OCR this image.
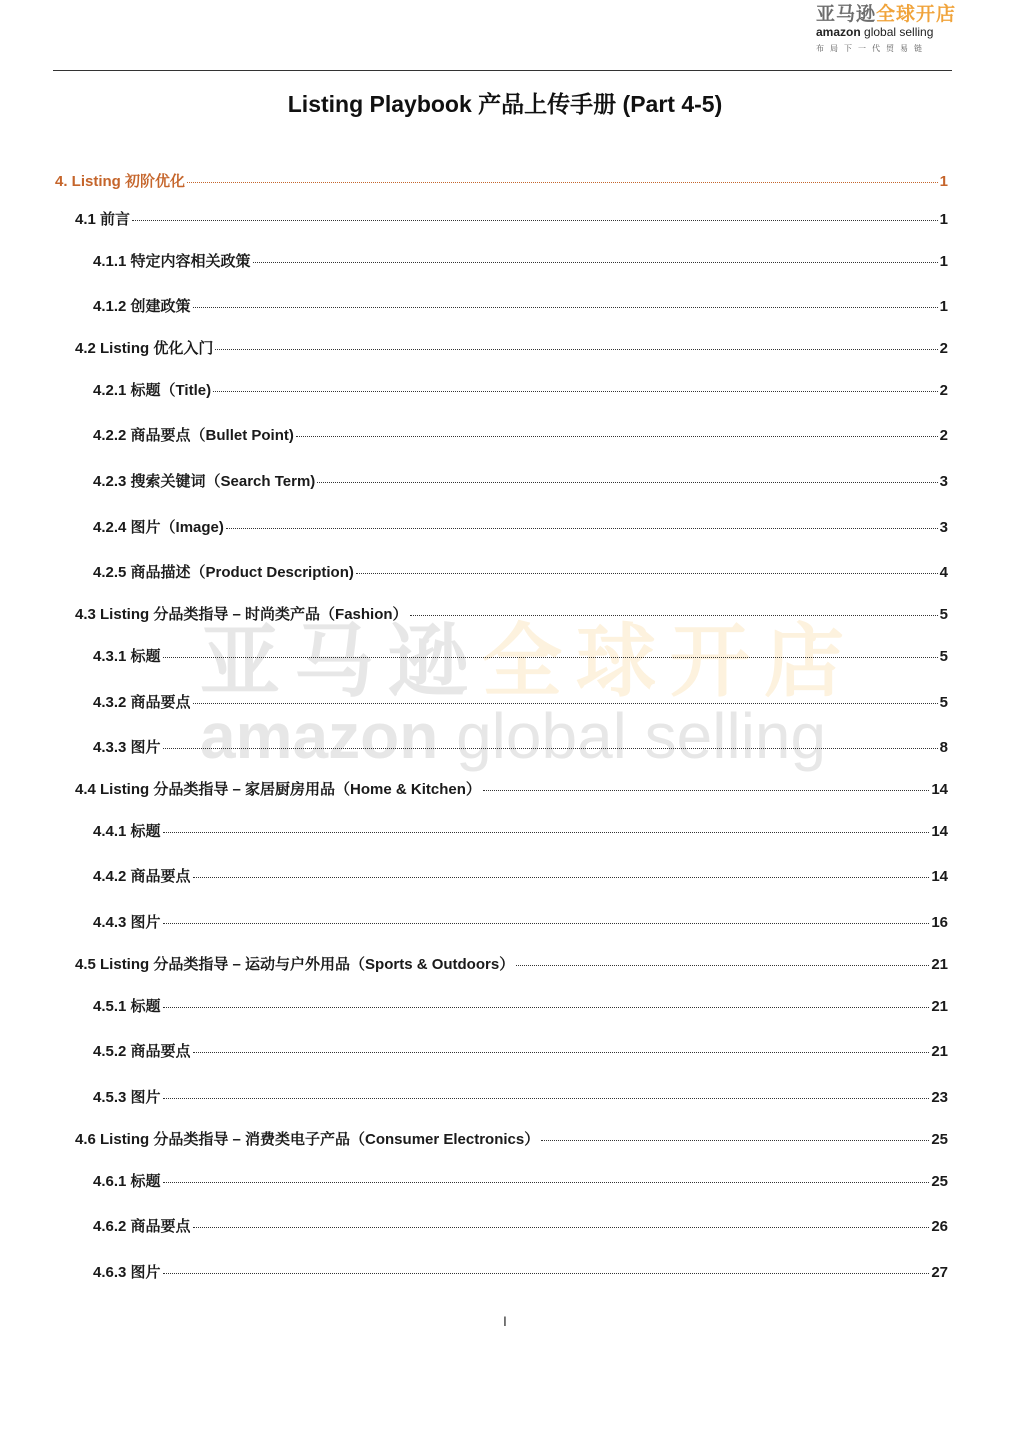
亚马逊全球开店
amazon global selling
布局下一代贸易链
Listing Playbook 产品上传手册 (Part 4-5)
亚马逊全球开店
amazon global selling
4. Listing 初阶优化	1
4.1 前言	1
4.1.1 特定内容相关政策	1
4.1.2 创建政策	1
4.2 Listing 优化入门	2
4.2.1 标题（Title)	2
4.2.2 商品要点（Bullet Point)	2
4.2.3 搜索关键词（Search Term)	3
4.2.4 图片（Image)	3
4.2.5 商品描述（Product Description)	4
4.3 Listing 分品类指导 – 时尚类产品（Fashion）	5
4.3.1 标题	5
4.3.2 商品要点	5
4.3.3 图片	8
4.4 Listing 分品类指导 – 家居厨房用品（Home & Kitchen）	14
4.4.1 标题	14
4.4.2 商品要点	14
4.4.3 图片	16
4.5 Listing 分品类指导 – 运动与户外用品（Sports & Outdoors）	21
4.5.1 标题	21
4.5.2 商品要点	21
4.5.3 图片	23
4.6 Listing 分品类指导 – 消费类电子产品（Consumer Electronics）	25
4.6.1 标题	25
4.6.2 商品要点	26
4.6.3 图片	27
I
